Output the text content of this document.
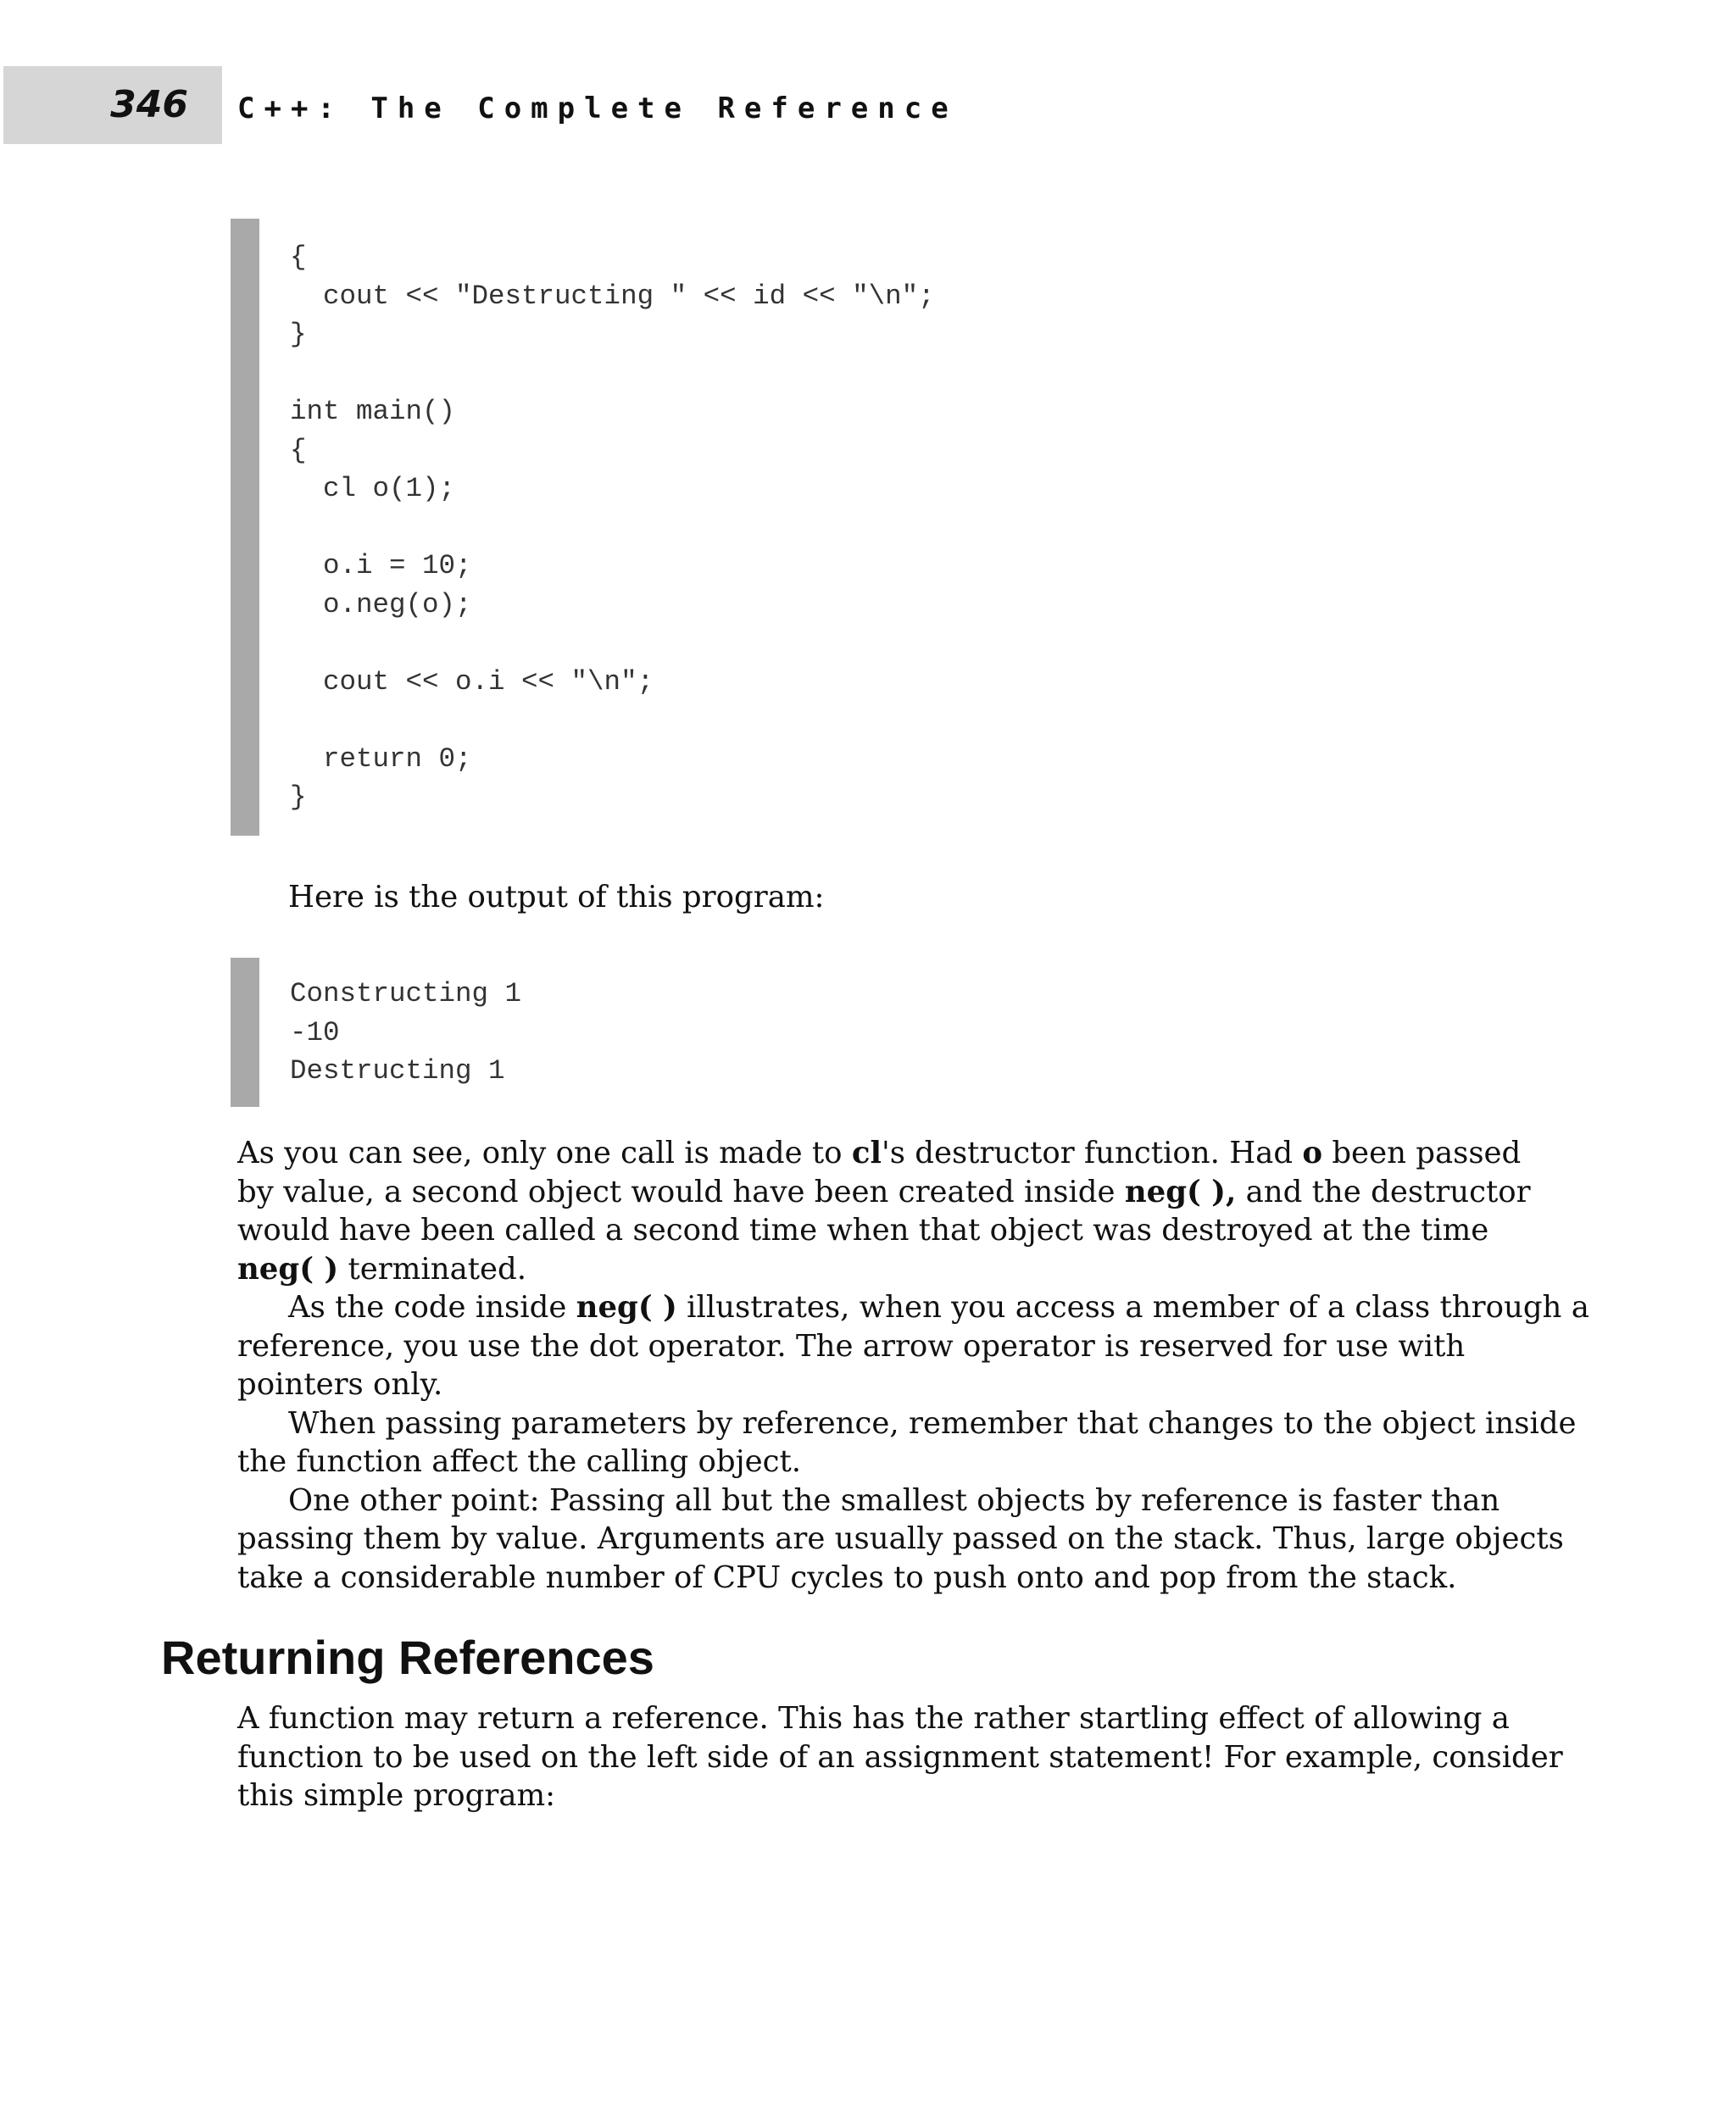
346 C++: The Complete Reference
{
cout << "Destructing " << id << "\n";
}
int main()
{
cl o(1);
o.i = 10;
o.neg(o);
cout << o.i << "\n";
return 0;
}
Here is the output of this program:
Constructing 1
-10
Destructing 1
As you can see, only one call is made to cl's destructor function. Had o been passed
by value, a second object would have been created inside neg( ), and the destructor
would have been called a second time when that object was destroyed at the time
neg( ) terminated.
As the code inside neg( ) illustrates, when you access a member of a class through a
reference, you use the dot operator. The arrow operator is reserved for use with
pointers only.
When passing parameters by reference, remember that changes to the object inside
the function affect the calling object.
One other point: Passing all but the smallest objects by reference is faster than
passing them by value. Arguments are usually passed on the stack. Thus, large objects
take a considerable number of CPU cycles to push onto and pop from the stack.
Returning References
A function may return a reference. This has the rather startling effect of allowing a
function to be used on the left side of an assignment statement! For example, consider
this simple program:
